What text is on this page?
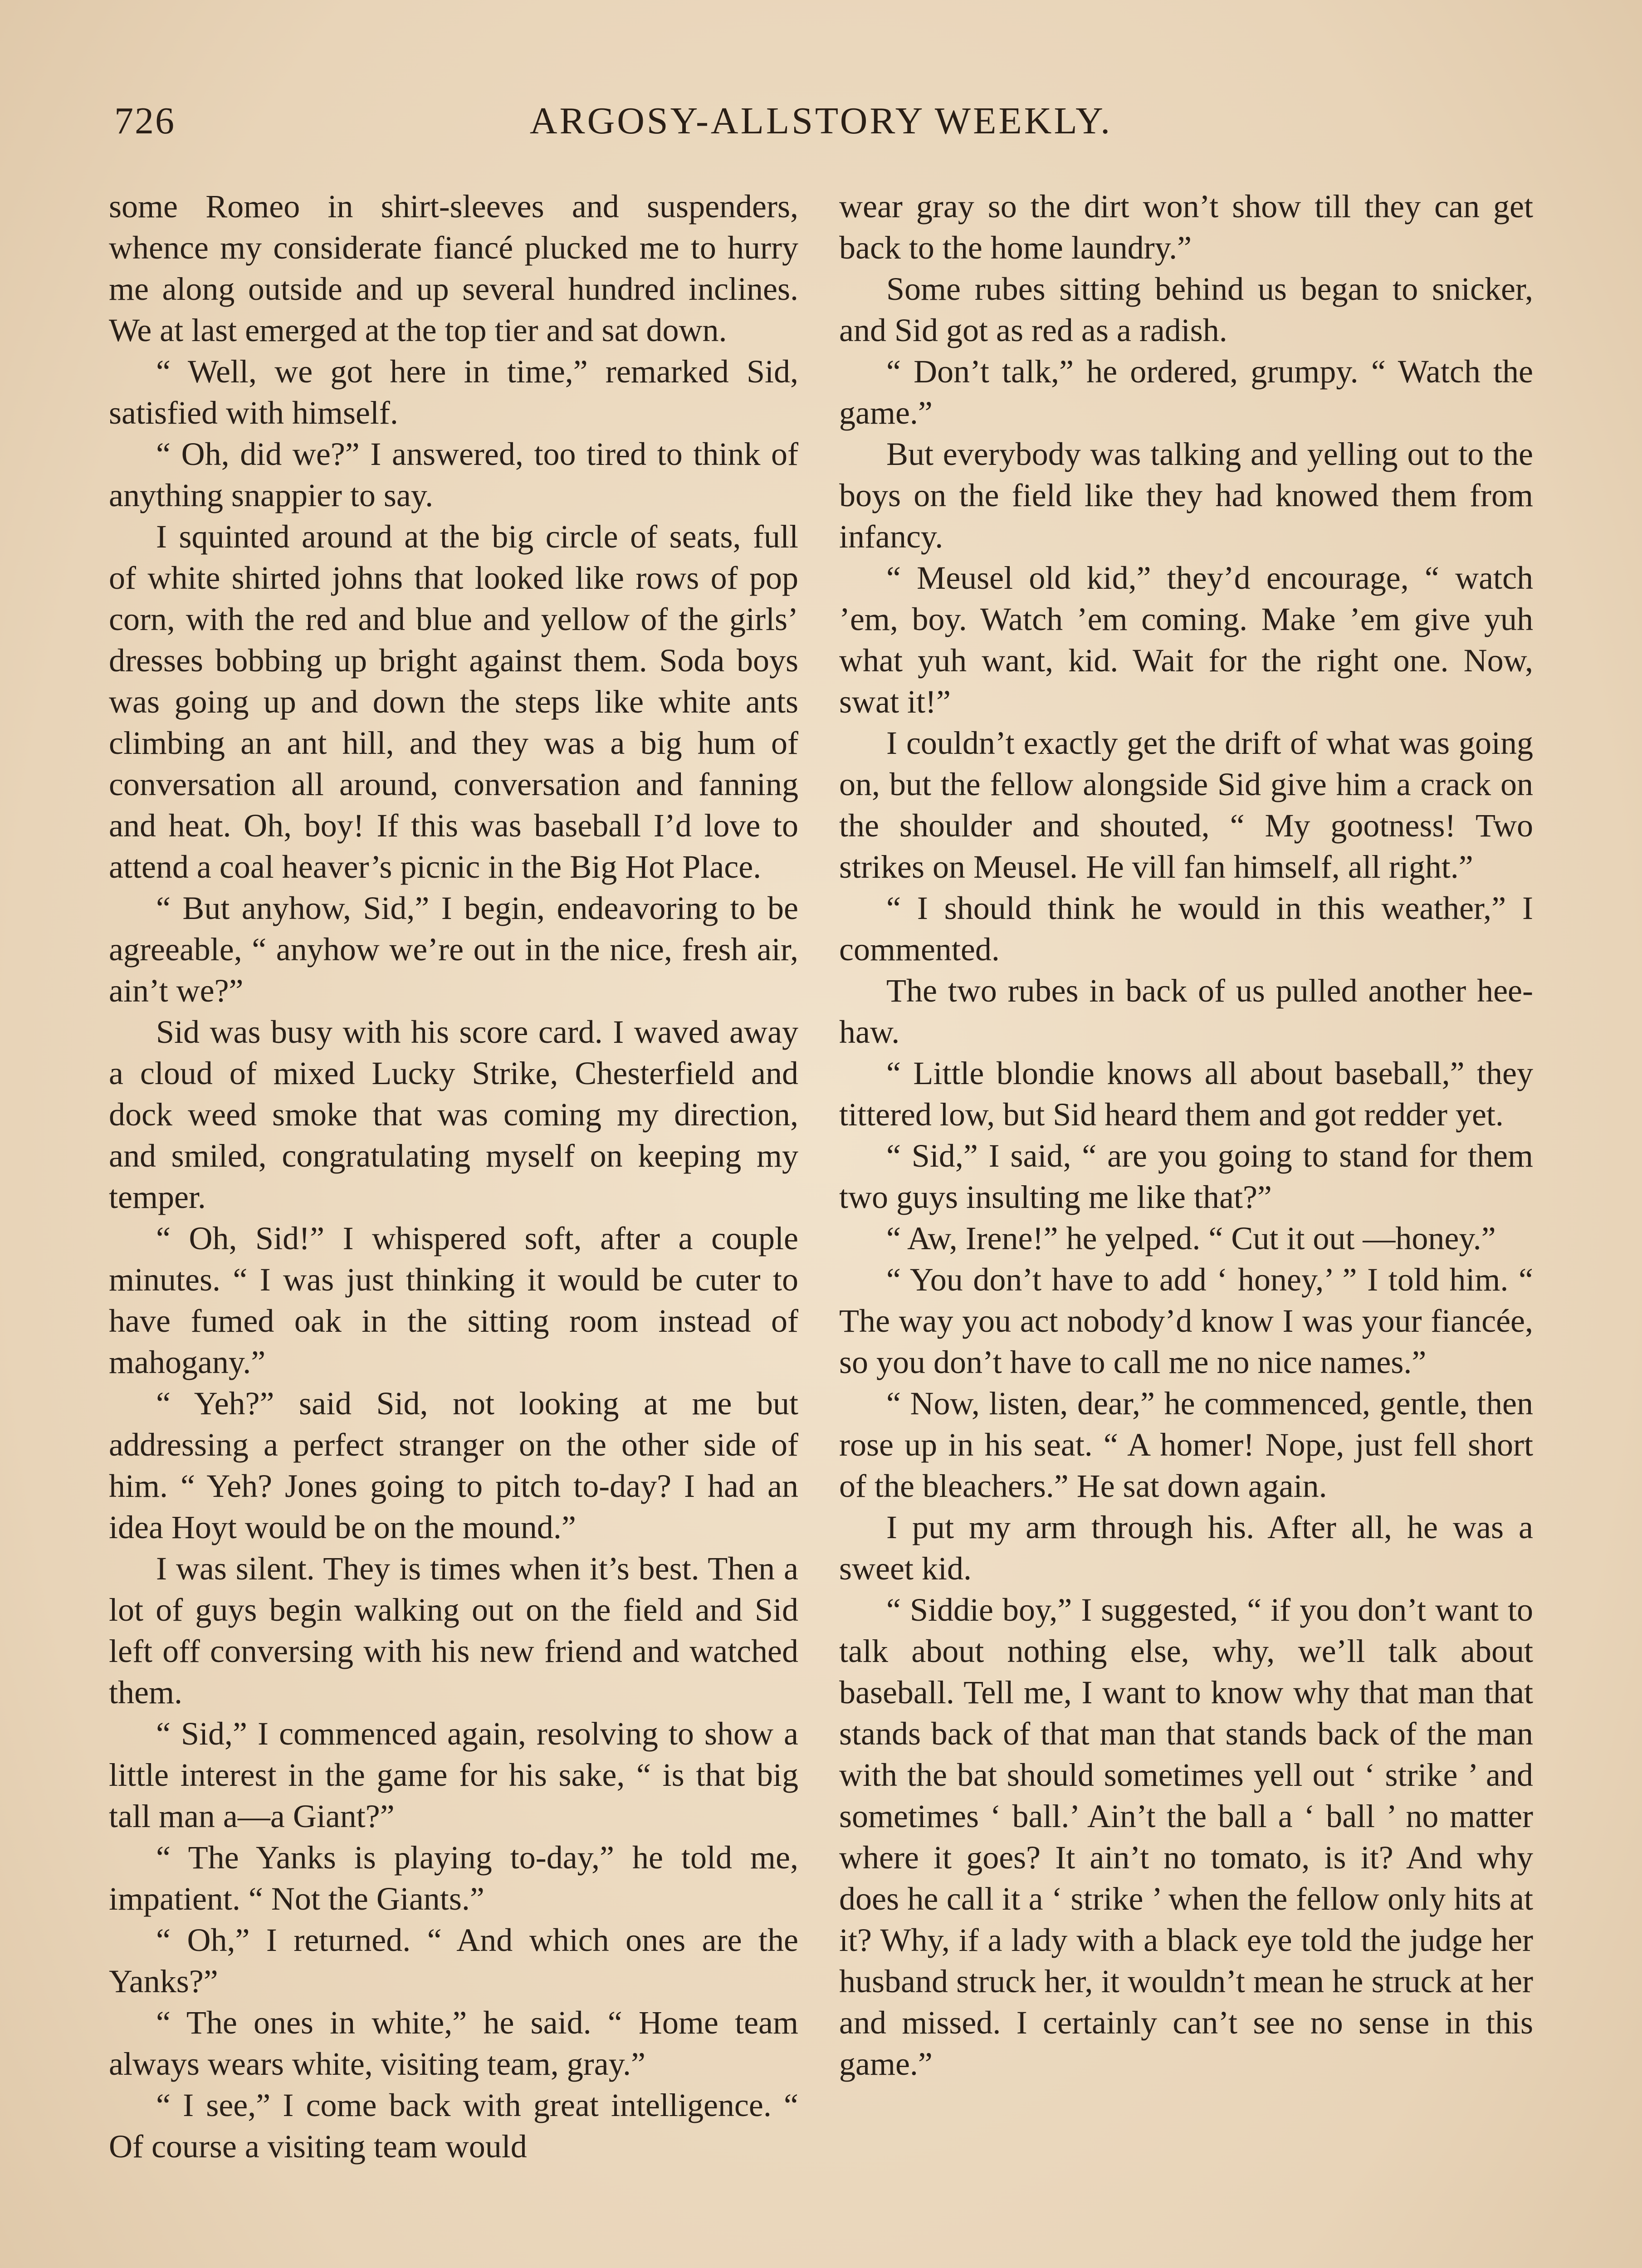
726	ARGOSY-ALLSTORY WEEKLY.

some Romeo in shirt-sleeves and suspenders, whence my considerate fiancé plucked me to hurry me along outside and up several hundred inclines. We at last emerged at the top tier and sat down.

“ Well, we got here in time,” remarked Sid, satisfied with himself.

“ Oh, did we?” I answered, too tired to think of anything snappier to say.

I squinted around at the big circle of seats, full of white shirted johns that looked like rows of pop corn, with the red and blue and yellow of the girls’ dresses bobbing up bright against them. Soda boys was going up and down the steps like white ants climbing an ant hill, and they was a big hum of conversation all around, conversation and fanning and heat. Oh, boy! If this was baseball I’d love to attend a coal heaver’s picnic in the Big Hot Place.

“ But anyhow, Sid,” I begin, endeavoring to be agreeable, “ anyhow we’re out in the nice, fresh air, ain’t we?”

Sid was busy with his score card. I waved away a cloud of mixed Lucky Strike, Chesterfield and dock weed smoke that was coming my direction, and smiled, congratulating myself on keeping my temper.

“ Oh, Sid!” I whispered soft, after a couple minutes. “ I was just thinking it would be cuter to have fumed oak in the sitting room instead of mahogany.”

“ Yeh?” said Sid, not looking at me but addressing a perfect stranger on the other side of him. “ Yeh? Jones going to pitch to-day? I had an idea Hoyt would be on the mound.”

I was silent. They is times when it’s best. Then a lot of guys begin walking out on the field and Sid left off conversing with his new friend and watched them.

“ Sid,” I commenced again, resolving to show a little interest in the game for his sake, “ is that big tall man a—a Giant?”

“ The Yanks is playing to-day,” he told me, impatient. “ Not the Giants.”

“ Oh,” I returned. “ And which ones are the Yanks?”

“ The ones in white,” he said. “ Home team always wears white, visiting team, gray.”

“ I see,” I come back with great intelligence. “ Of course a visiting team would

wear gray so the dirt won’t show till they can get back to the home laundry.”

Some rubes sitting behind us began to snicker, and Sid got as red as a radish.

“ Don’t talk,” he ordered, grumpy. “ Watch the game.”

But everybody was talking and yelling out to the boys on the field like they had knowed them from infancy.

“ Meusel old kid,” they’d encourage, “ watch ’em, boy. Watch ’em coming. Make ’em give yuh what yuh want, kid. Wait for the right one. Now, swat it!”

I couldn’t exactly get the drift of what was going on, but the fellow alongside Sid give him a crack on the shoulder and shouted, “ My gootness! Two strikes on Meusel. He vill fan himself, all right.”

“ I should think he would in this weather,” I commented.

The two rubes in back of us pulled another hee-haw.

“ Little blondie knows all about baseball,” they tittered low, but Sid heard them and got redder yet.

“ Sid,” I said, “ are you going to stand for them two guys insulting me like that?”

“ Aw, Irene!” he yelped. “ Cut it out —honey.”

“ You don’t have to add ‘ honey,’ ” I told him. “ The way you act nobody’d know I was your fiancée, so you don’t have to call me no nice names.”

“ Now, listen, dear,” he commenced, gentle, then rose up in his seat. “ A homer! Nope, just fell short of the bleachers.” He sat down again.

I put my arm through his. After all, he was a sweet kid.

“ Siddie boy,” I suggested, “ if you don’t want to talk about nothing else, why, we’ll talk about baseball. Tell me, I want to know why that man that stands back of that man that stands back of the man with the bat should sometimes yell out ‘ strike ’ and sometimes ‘ ball.’ Ain’t the ball a ‘ ball ’ no matter where it goes? It ain’t no tomato, is it? And why does he call it a ‘ strike ’ when the fellow only hits at it? Why, if a lady with a black eye told the judge her husband struck her, it wouldn’t mean he struck at her and missed. I certainly can’t see no sense in this game.”
